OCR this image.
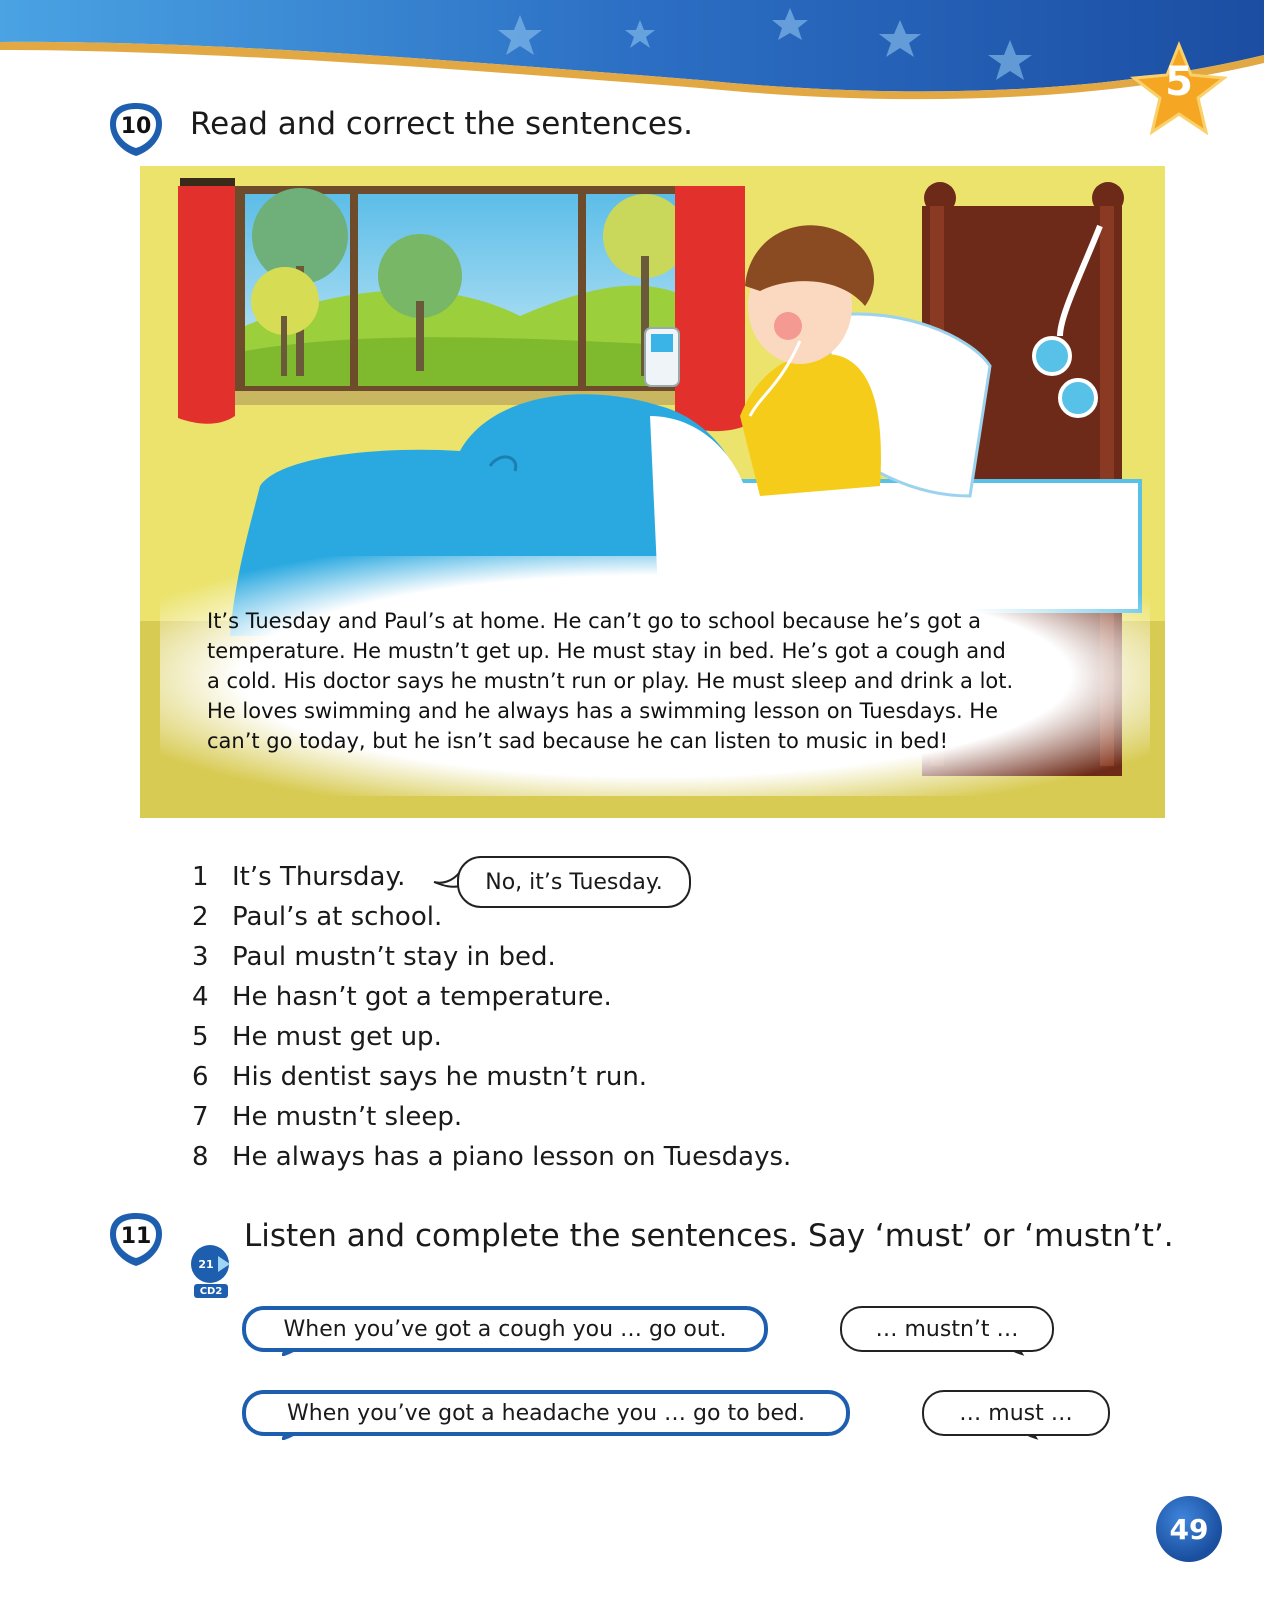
5
10	Read and correct the sentences.

It’s Tuesday and Paul’s at home. He can’t go to school because he’s got a

temperature. He mustn’t get up. He must stay in bed. He’s got a cough and

a cold. His doctor says he mustn’t run or play. He must sleep and drink a lot.

He loves swimming and he always has a swimming lesson on Tuesdays. He

can’t go today, but he isn’t sad because he can listen to music in bed!

1 It’s Thursday.
2 Paul’s at school.
3 Paul mustn’t stay in bed.
4 He hasn’t got a temperature.
5 He must get up.
6 His dentist says he mustn’t run.
7 He mustn’t sleep.
8 He always has a piano lesson on Tuesdays.
No, it’s Tuesday.
11
21
CD2
Listen and complete the sentences. Say ‘must’ or ‘mustn’t’.
When you’ve got a cough you … go out.	… mustn’t …
When you’ve got a headache you … go to bed.	… must …
49
